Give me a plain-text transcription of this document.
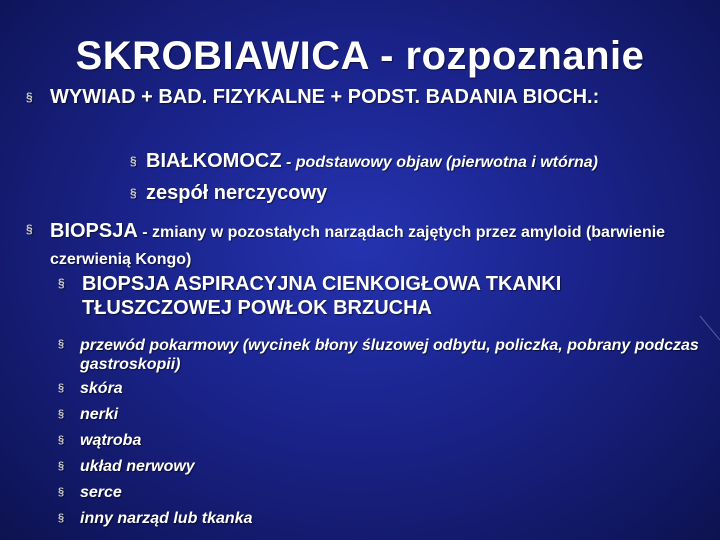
SKROBIAWICA - rozpoznanie
§ WYWIAD + BAD. FIZYKALNE + PODST. BADANIA BIOCH.:
§ BIAŁKOMOCZ - podstawowy objaw (pierwotna i wtórna)
§ zespół nerczycowy
§ BIOPSJA - zmiany w pozostałych narządach zajętych przez amyloid (barwienie czerwienią Kongo)
§ BIOPSJA ASPIRACYJNA CIENKOIGŁOWA TKANKI TŁUSZCZOWEJ POWŁOK BRZUCHA
§ przewód pokarmowy (wycinek błony śluzowej odbytu, policzka, pobrany podczas gastroskopii)
§ skóra
§ nerki
§ wątroba
§ układ nerwowy
§ serce
§ inny narząd lub tkanka
